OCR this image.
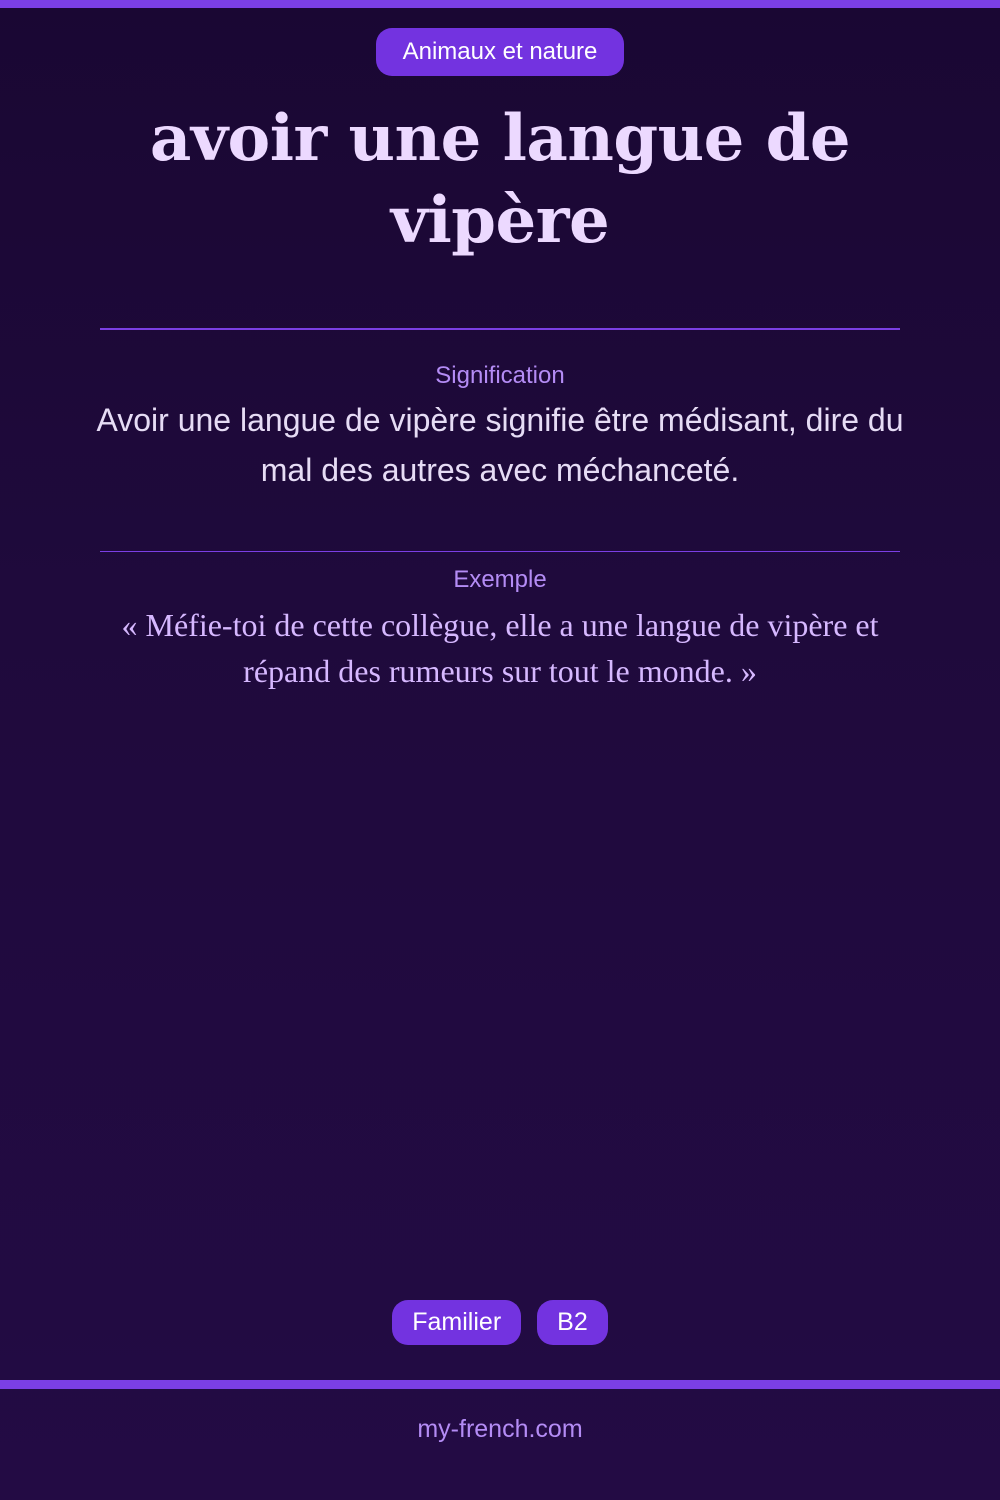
Animaux et nature
avoir une langue de vipère
Signification
Avoir une langue de vipère signifie être médisant, dire du mal des autres avec méchanceté.
Exemple
« Méfie-toi de cette collègue, elle a une langue de vipère et répand des rumeurs sur tout le monde. »
Familier	B2
my-french.com
